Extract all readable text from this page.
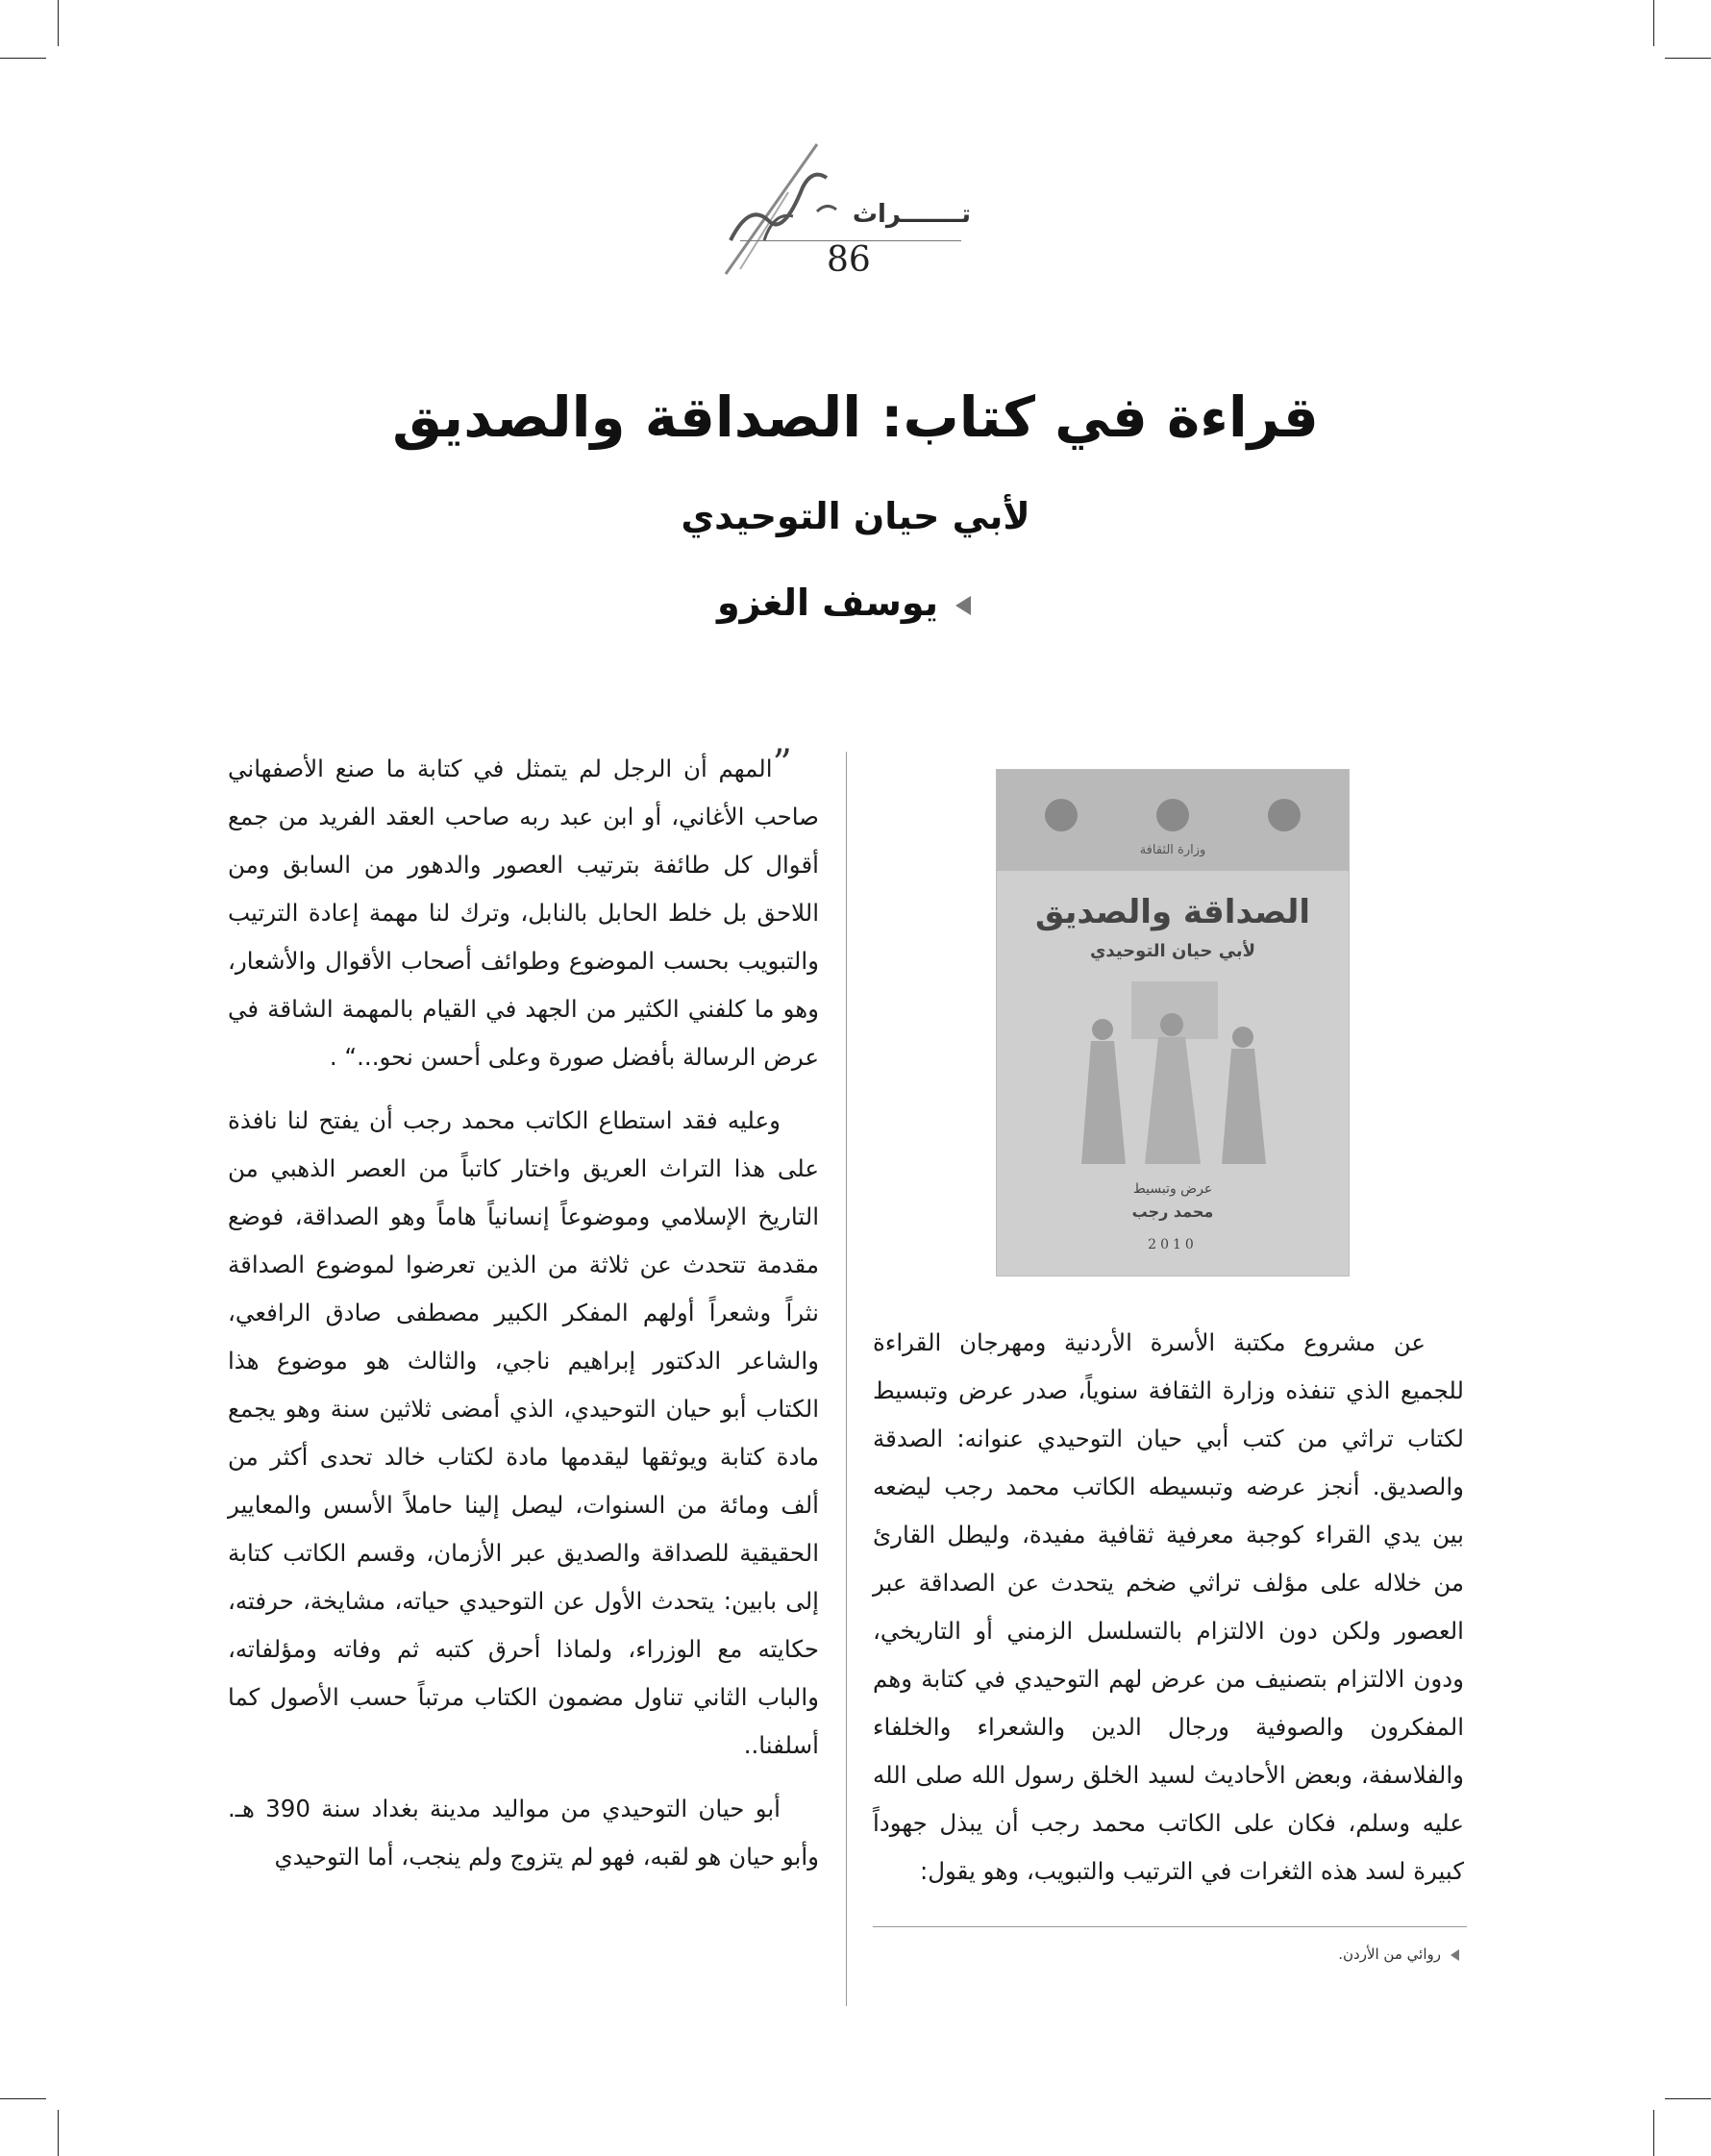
تـــــــراث
86
قراءة في كتاب: الصداقة والصديق
لأبي حيان التوحيدي
يوسف الغزو

”المهم أن الرجل لم يتمثل في كتابة ما صنع الأصفهاني صاحب الأغاني، أو ابن عبد ربه صاحب العقد الفريد من جمع أقوال كل طائفة بترتيب العصور والدهور من السابق ومن اللاحق بل خلط الحابل بالنابل، وترك لنا مهمة إعادة الترتيب والتبويب بحسب الموضوع وطوائف أصحاب الأقوال والأشعار، وهو ما كلفني الكثير من الجهد في القيام بالمهمة الشاقة في عرض الرسالة بأفضل صورة وعلى أحسن نحو...“ .

وعليه فقد استطاع الكاتب محمد رجب أن يفتح لنا نافذة على هذا التراث العريق واختار كاتباً من العصر الذهبي من التاريخ الإسلامي وموضوعاً إنسانياً هاماً وهو الصداقة، فوضع مقدمة تتحدث عن ثلاثة من الذين تعرضوا لموضوع الصداقة نثراً وشعراً أولهم المفكر الكبير مصطفى صادق الرافعي، والشاعر الدكتور إبراهيم ناجي، والثالث هو موضوع هذا الكتاب أبو حيان التوحيدي، الذي أمضى ثلاثين سنة وهو يجمع مادة كتابة ويوثقها ليقدمها مادة لكتاب خالد تحدى أكثر من ألف ومائة من السنوات، ليصل إلينا حاملاً الأسس والمعايير الحقيقية للصداقة والصديق عبر الأزمان، وقسم الكاتب كتابة إلى بابين: يتحدث الأول عن التوحيدي حياته، مشايخة، حرفته، حكايته مع الوزراء، ولماذا أحرق كتبه ثم وفاته ومؤلفاته، والباب الثاني تناول مضمون الكتاب مرتباً حسب الأصول كما أسلفنا..

أبو حيان التوحيدي من مواليد مدينة بغداد سنة 390 هـ. وأبو حيان هو لقبه، فهو لم يتزوج ولم ينجب، أما التوحيدي

وزارة الثقافة
الصداقة والصديق
لأبي حيان التوحيدي
عرض وتبسيط
محمد رجب
2010

عن مشروع مكتبة الأسرة الأردنية ومهرجان القراءة للجميع الذي تنفذه وزارة الثقافة سنوياً، صدر عرض وتبسيط لكتاب تراثي من كتب أبي حيان التوحيدي عنوانه: الصدقة والصديق. أنجز عرضه وتبسيطه الكاتب محمد رجب ليضعه بين يدي القراء كوجبة معرفية ثقافية مفيدة، وليطل القارئ من خلاله على مؤلف تراثي ضخم يتحدث عن الصداقة عبر العصور ولكن دون الالتزام بالتسلسل الزمني أو التاريخي، ودون الالتزام بتصنيف من عرض لهم التوحيدي في كتابة وهم المفكرون والصوفية ورجال الدين والشعراء والخلفاء والفلاسفة، وبعض الأحاديث لسيد الخلق رسول الله صلى الله عليه وسلم، فكان على الكاتب محمد رجب أن يبذل جهوداً كبيرة لسد هذه الثغرات في الترتيب والتبويب، وهو يقول:

روائي من الأردن.
